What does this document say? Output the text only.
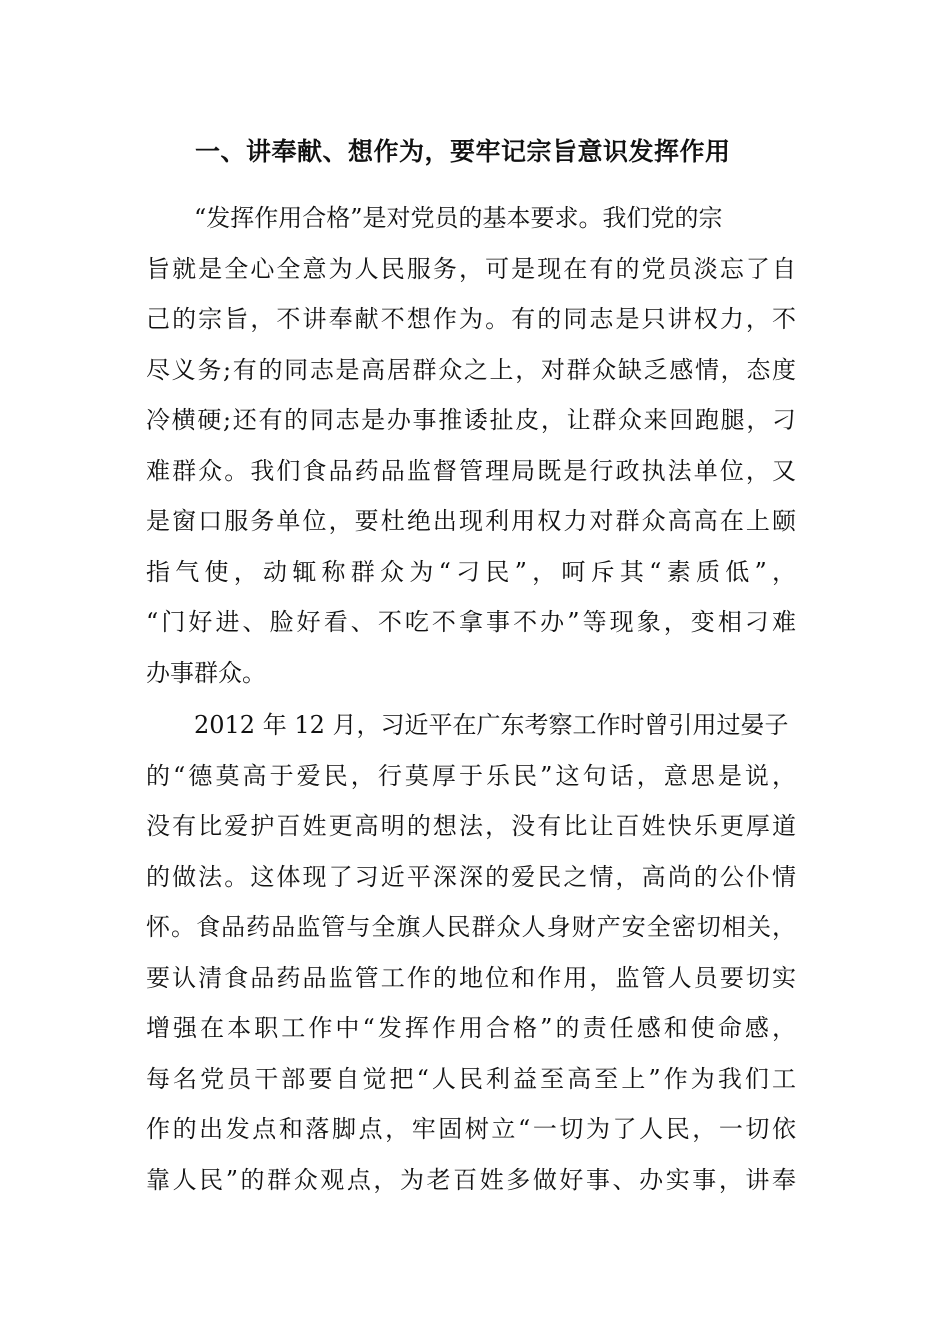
一、讲奉献、想作为，要牢记宗旨意识发挥作用
“发挥作用合格”是对党员的基本要求。我们党的宗
旨就是全心全意为人民服务，可是现在有的党员淡忘了自
己的宗旨，不讲奉献不想作为。有的同志是只讲权力，不
尽义务;有的同志是高居群众之上，对群众缺乏感情，态度
冷横硬;还有的同志是办事推诿扯皮，让群众来回跑腿，刁
难群众。我们食品药品监督管理局既是行政执法单位，又
是窗口服务单位，要杜绝出现利用权力对群众高高在上颐
指气使，动辄称群众为“刁民”，呵斥其“素质低”，
“门好进、脸好看、不吃不拿事不办”等现象，变相刁难
办事群众。
2012 年 12 月，习近平在广东考察工作时曾引用过晏子
的“德莫高于爱民，行莫厚于乐民”这句话，意思是说，
没有比爱护百姓更高明的想法，没有比让百姓快乐更厚道
的做法。这体现了习近平深深的爱民之情，高尚的公仆情
怀。食品药品监管与全旗人民群众人身财产安全密切相关，
要认清食品药品监管工作的地位和作用，监管人员要切实
增强在本职工作中“发挥作用合格”的责任感和使命感，
每名党员干部要自觉把“人民利益至高至上”作为我们工
作的出发点和落脚点，牢固树立“一切为了人民，一切依
靠人民”的群众观点，为老百姓多做好事、办实事，讲奉
